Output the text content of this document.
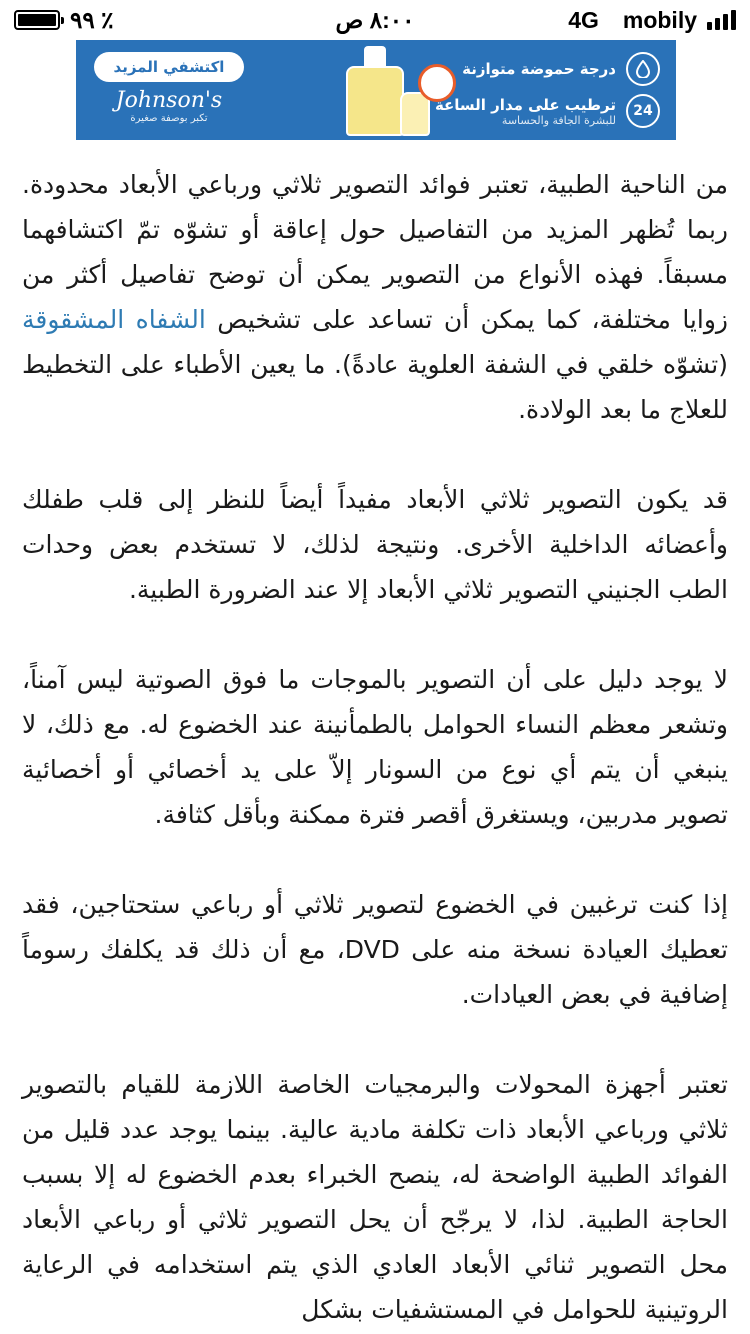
٪ ٩٩	٨:٠٠ ص	4G mobily
اكتشفي المزيد
Johnson's
تكبر بوصفة صغيرة
درجة حموضة متوازنة
24
ترطيب على مدار الساعة
للبشرة الجافة والحساسة

من الناحية الطبية، تعتبر فوائد التصوير ثلاثي ورباعي الأبعاد محدودة. ربما تُظهر المزيد من التفاصيل حول إعاقة أو تشوّه تمّ اكتشافهما مسبقاً. فهذه الأنواع من التصوير يمكن أن توضح تفاصيل أكثر من زوايا مختلفة، كما يمكن أن تساعد على تشخيص الشفاه المشقوقة (تشوّه خلقي في الشفة العلوية عادةً). ما يعين الأطباء على التخطيط للعلاج ما بعد الولادة.

قد يكون التصوير ثلاثي الأبعاد مفيداً أيضاً للنظر إلى قلب طفلك وأعضائه الداخلية الأخرى. ونتيجة لذلك، لا تستخدم بعض وحدات الطب الجنيني التصوير ثلاثي الأبعاد إلا عند الضرورة الطبية.

لا يوجد دليل على أن التصوير بالموجات ما فوق الصوتية ليس آمناً، وتشعر معظم النساء الحوامل بالطمأنينة عند الخضوع له. مع ذلك، لا ينبغي أن يتم أي نوع من السونار إلاّ على يد أخصائي أو أخصائية تصوير مدربين، ويستغرق أقصر فترة ممكنة وبأقل كثافة.

إذا كنت ترغبين في الخضوع لتصوير ثلاثي أو رباعي ستحتاجين، فقد تعطيك العيادة نسخة منه على DVD، مع أن ذلك قد يكلفك رسوماً إضافية في بعض العيادات.

تعتبر أجهزة المحولات والبرمجيات الخاصة اللازمة للقيام بالتصوير ثلاثي ورباعي الأبعاد ذات تكلفة مادية عالية. بينما يوجد عدد قليل من الفوائد الطبية الواضحة له، ينصح الخبراء بعدم الخضوع له إلا بسبب الحاجة الطبية. لذا، لا يرجّح أن يحل التصوير ثلاثي أو رباعي الأبعاد محل التصوير ثنائي الأبعاد العادي الذي يتم استخدامه في الرعاية الروتينية للحوامل في المستشفيات بشكل
